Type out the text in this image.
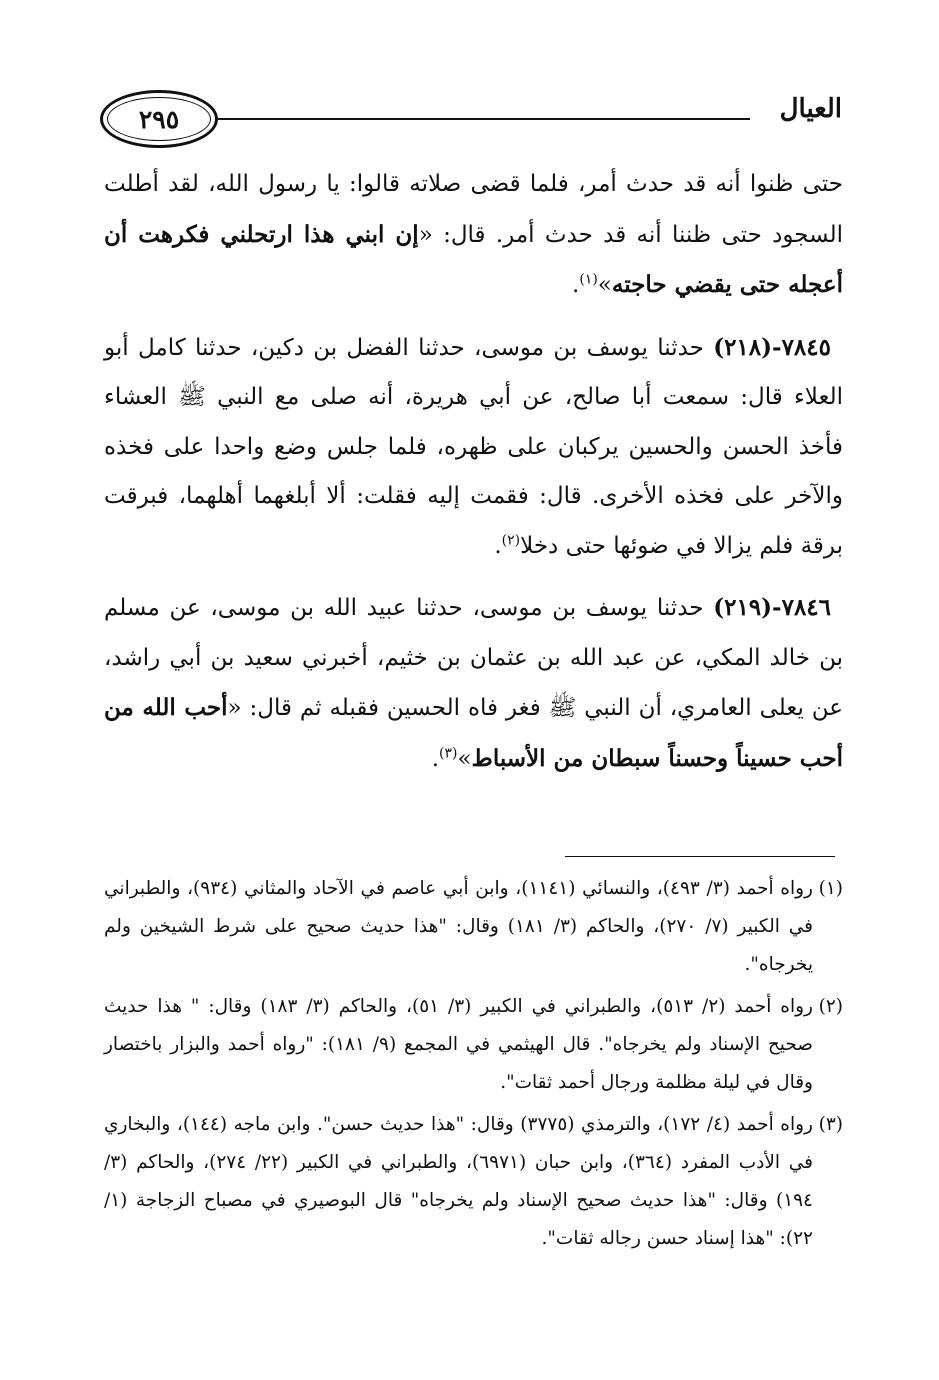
العيال
٢٩٥

حتى ظنوا أنه قد حدث أمر، فلما قضى صلاته قالوا: يا رسول الله، لقد أطلت السجود حتى ظننا أنه قد حدث أمر. قال: «إن ابني هذا ارتحلني فكرهت أن أعجله حتى يقضي حاجته»$^{(١)}$.

٧٨٤٥-(٢١٨) حدثنا يوسف بن موسى، حدثنا الفضل بن دكين، حدثنا كامل أبو العلاء قال: سمعت أبا صالح، عن أبي هريرة، أنه صلى مع النبي ﷺ العشاء فأخذ الحسن والحسين يركبان على ظهره، فلما جلس وضع واحدا على فخذه والآخر على فخذه الأخرى. قال: فقمت إليه فقلت: ألا أبلغهما أهلهما، فبرقت برقة فلم يزالا في ضوئها حتى دخلا$^{(٢)}$.

٧٨٤٦-(٢١٩) حدثنا يوسف بن موسى، حدثنا عبيد الله بن موسى، عن مسلم بن خالد المكي، عن عبد الله بن عثمان بن خثيم، أخبرني سعيد بن أبي راشد، عن يعلى العامري، أن النبي ﷺ فغر فاه الحسين فقبله ثم قال: «أحب الله من أحب حسيناً وحسناً سبطان من الأسباط»$^{(٣)}$.

(١)
رواه أحمد (٣/ ٤٩٣)، والنسائي (١١٤١)، وابن أبي عاصم في الآحاد والمثاني (٩٣٤)، والطبراني في الكبير (٧/ ٢٧٠)، والحاكم (٣/ ١٨١) وقال: "هذا حديث صحيح على شرط الشيخين ولم يخرجاه".

(٢)
رواه أحمد (٢/ ٥١٣)، والطبراني في الكبير (٣/ ٥١)، والحاكم (٣/ ١٨٣) وقال: " هذا حديث صحيح الإسناد ولم يخرجاه". قال الهيثمي في المجمع (٩/ ١٨١): "رواه أحمد والبزار باختصار وقال في ليلة مظلمة ورجال أحمد ثقات".

(٣)
رواه أحمد (٤/ ١٧٢)، والترمذي (٣٧٧٥) وقال: "هذا حديث حسن". وابن ماجه (١٤٤)، والبخاري في الأدب المفرد (٣٦٤)، وابن حبان (٦٩٧١)، والطبراني في الكبير (٢٢/ ٢٧٤)، والحاكم (٣/ ١٩٤) وقال: "هذا حديث صحيح الإسناد ولم يخرجاه" قال البوصيري في مصباح الزجاجة (١/ ٢٢): "هذا إسناد حسن رجاله ثقات".
